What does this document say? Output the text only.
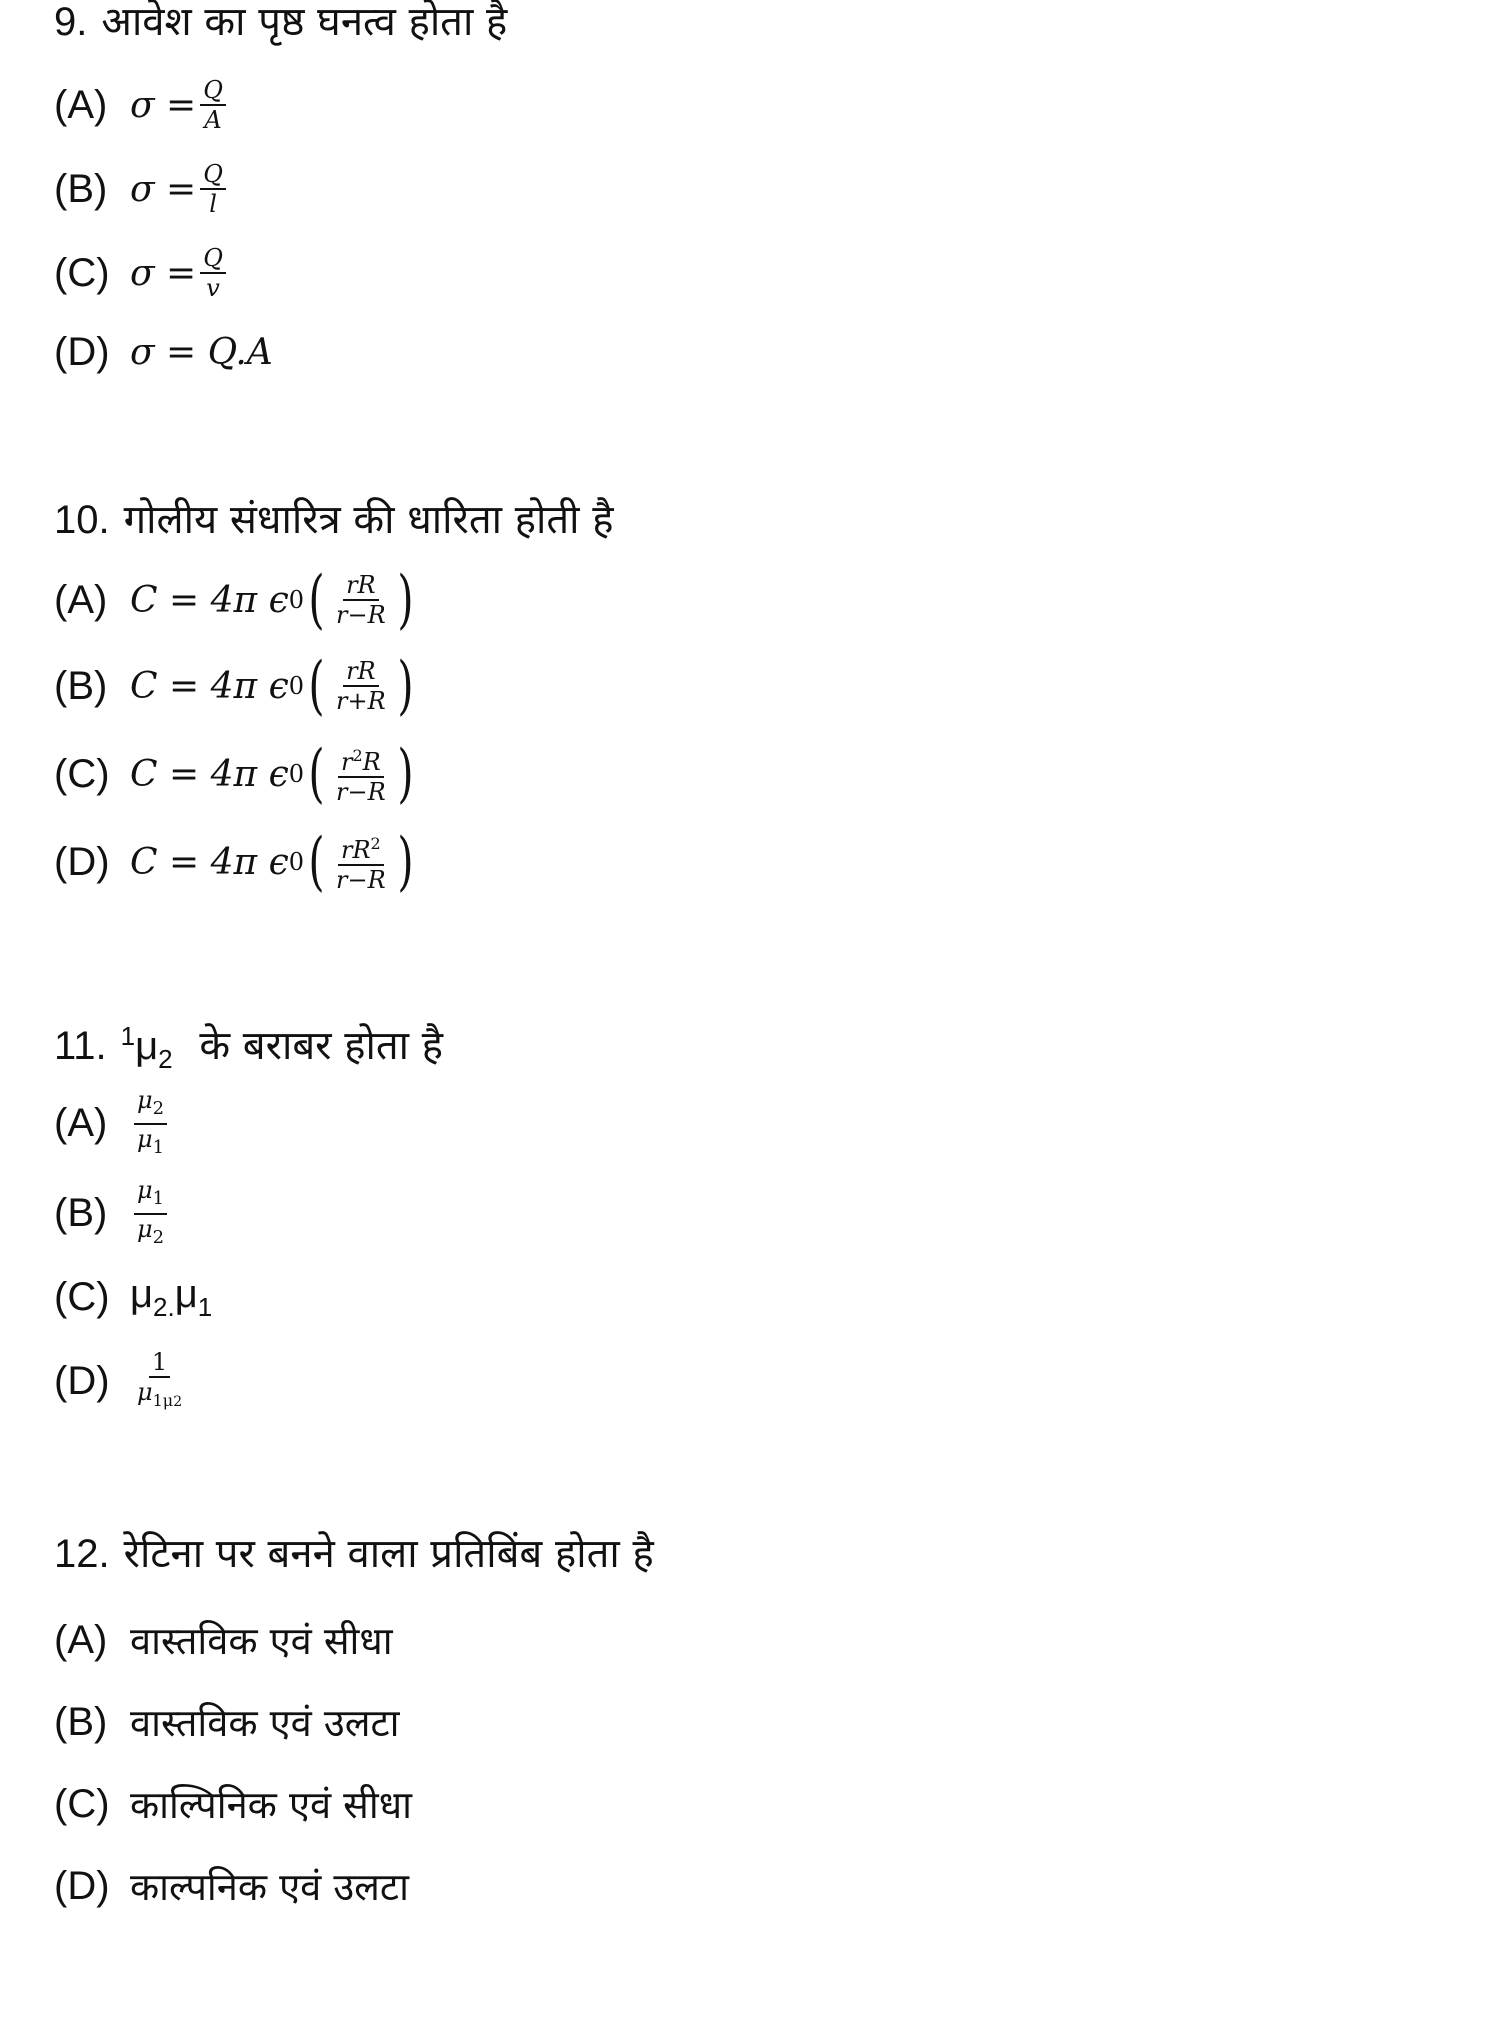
9. आवेश का पृष्ठ घनत्व होता है
(A) $\sigma = \frac{Q}{A}$
(B) $\sigma = \frac{Q}{l}$
(C) $\sigma = \frac{Q}{v}$
(D) σ = Q.A
10. गोलीय संधारित्र की धारिता होती है
(A) C = 4π ϵ 0 ( $\frac{rR}{r-R}$ )
(B) C = 4π ϵ 0 ( $\frac{rR}{r+R}$ )
(C) C = 4π ϵ 0 ( $\frac{r^2R}{r-R}$ )
(D) C = 4π ϵ 0 ( $\frac{rR^2}{r-R}$ )
11. $^1\mu_2$ के बराबर होता है
(A)	$\frac{\mu_2}{\mu_1}$
(B)	$\frac{\mu_1}{\mu_2}$
(C) $\mu_{2.}\mu_1$
(D)	$\frac{1}{\mu_{1\mu 2}}$
12. रेटिना पर बनने वाला प्रतिबिंब होता है
(A) वास्तविक एवं सीधा
(B) वास्तविक एवं उलटा
(C) काल्पिनिक एवं सीधा
(D) काल्पनिक एवं उलटा
